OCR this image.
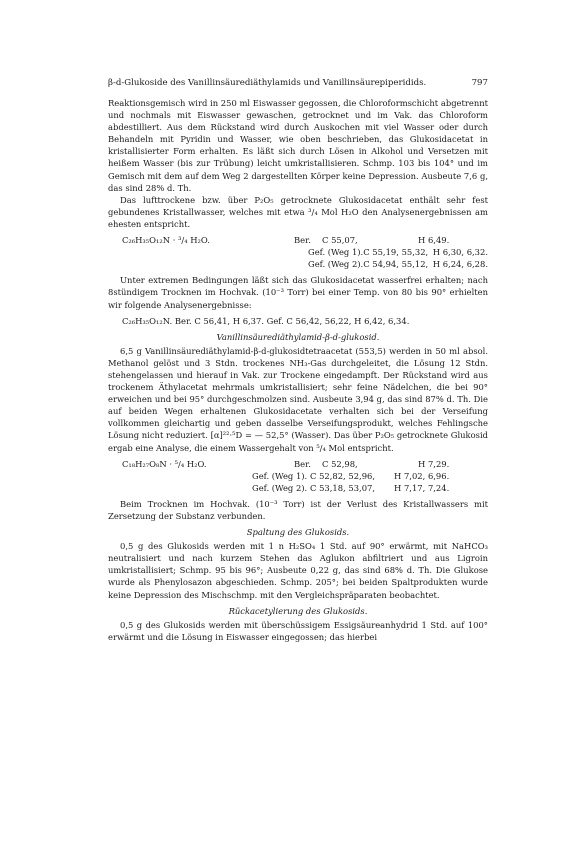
β-d-Glukoside des Vanillinsäurediäthylamids und Vanillinsäurepiperidids.	797

Reaktionsgemisch wird in 250 ml Eiswasser gegossen, die Chloroformschicht abgetrennt und nochmals mit Eiswasser gewaschen, getrocknet und im Vak. das Chloroform abdestilliert. Aus dem Rückstand wird durch Auskochen mit viel Wasser oder durch Behandeln mit Pyridin und Wasser, wie oben beschrieben, das Glukosidacetat in kristallisierter Form erhalten. Es läßt sich durch Lösen in Alkohol und Versetzen mit heißem Wasser (bis zur Trübung) leicht umkristallisieren. Schmp. 103 bis 104° und im Gemisch mit dem auf dem Weg 2 dargestellten Körper keine Depression. Ausbeute 7,6 g, das sind 28% d. Th.

Das lufttrockene bzw. über P₂O₅ getrocknete Glukosidacetat enthält sehr fest gebundenes Kristallwasser, welches mit etwa ³/₄ Mol H₂O den Analysenergebnissen am ehesten entspricht.

C₂₆H₃₅O₁₂N · ³/₄ H₂O.	Ber.	C 55,07,	H 6,49.
Gef. (Weg 1). C 55,19, 55,32, H 6,30, 6,32.
Gef. (Weg 2). C 54,94, 55,12, H 6,24, 6,28.

Unter extremen Bedingungen läßt sich das Glukosidacetat wasserfrei erhalten; nach 8stündigem Trocknen im Hochvak. (10⁻³ Torr) bei einer Temp. von 80 bis 90° erhielten wir folgende Analysenergebnisse:

C₂₆H₃₅O₁₂N. Ber. C 56,41, H 6,37. Gef. C 56,42, 56,22, H 6,42, 6,34.

Vanillinsäurediäthylamid-β-d-glukosid.

6,5 g Vanillinsäurediäthylamid-β-d-glukosidtetraacetat (553,5) werden in 50 ml absol. Methanol gelöst und 3 Stdn. trockenes NH₃-Gas durchgeleitet, die Lösung 12 Stdn. stehengelassen und hierauf in Vak. zur Trockene eingedampft. Der Rückstand wird aus trockenem Äthylacetat mehrmals umkristallisiert; sehr feine Nädelchen, die bei 90° erweichen und bei 95° durchgeschmolzen sind. Ausbeute 3,94 g, das sind 87% d. Th. Die auf beiden Wegen erhaltenen Glukosidacetate verhalten sich bei der Verseifung vollkommen gleichartig und geben dasselbe Verseifungsprodukt, welches Fehlingsche Lösung nicht reduziert. [α]²²·⁵D = — 52,5° (Wasser). Das über P₂O₅ getrocknete Glukosid ergab eine Analyse, die einem Wassergehalt von ⁵/₄ Mol entspricht.

C₁₈H₂₇O₈N · ⁵/₄ H₂O.	Ber.	C 52,98,	H 7,29.
Gef. (Weg 1). C 52,82, 52,96,	H 7,02, 6,96.
Gef. (Weg 2). C 53,18, 53,07,	H 7,17, 7,24.

Beim Trocknen im Hochvak. (10⁻³ Torr) ist der Verlust des Kristallwassers mit Zersetzung der Substanz verbunden.

Spaltung des Glukosids.

0,5 g des Glukosids werden mit 1 n H₂SO₄ 1 Std. auf 90° erwärmt, mit NaHCO₃ neutralisiert und nach kurzem Stehen das Aglukon abfiltriert und aus Ligroin umkristallisiert; Schmp. 95 bis 96°; Ausbeute 0,22 g, das sind 68% d. Th. Die Glukose wurde als Phenylosazon abgeschieden. Schmp. 205°; bei beiden Spaltprodukten wurde keine Depression des Mischschmp. mit den Vergleichspräparaten beobachtet.

Rückacetylierung des Glukosids.

0,5 g des Glukosids werden mit überschüssigem Essigsäureanhydrid 1 Std. auf 100° erwärmt und die Lösung in Eiswasser eingegossen; das hierbei
